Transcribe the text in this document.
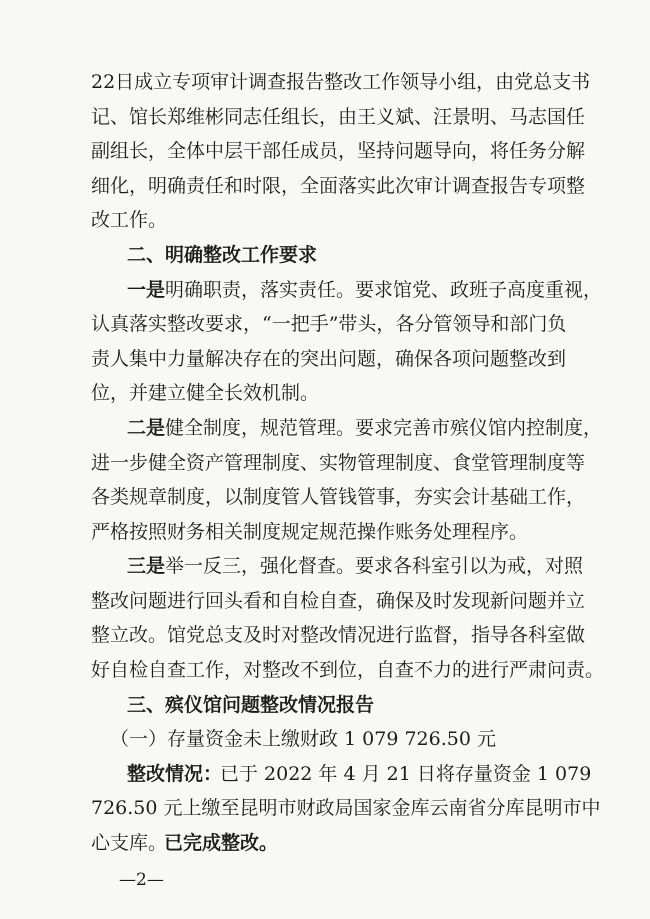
22日成立专项审计调查报告整改工作领导小组，由党总支书
记、馆长郑维彬同志任组长，由王义斌、汪景明、马志国任
副组长，全体中层干部任成员，坚持问题导向，将任务分解
细化，明确责任和时限，全面落实此次审计调查报告专项整
改工作。
二、明确整改工作要求
一是 明确职责，落实责任。要求馆党、政班子高度重视，
认真落实整改要求，“一把手”带头，各分管领导和部门负
责人集中力量解决存在的突出问题，确保各项问题整改到
位，并建立健全长效机制。
二是 健全制度，规范管理。要求完善市殡仪馆内控制度，
进一步健全资产管理制度、实物管理制度、食堂管理制度等
各类规章制度，以制度管人管钱管事，夯实会计基础工作，
严格按照财务相关制度规定规范操作账务处理程序。
三是 举一反三，强化督查。要求各科室引以为戒，对照
整改问题进行回头看和自检自查，确保及时发现新问题并立
整立改。馆党总支及时对整改情况进行监督，指导各科室做
好自检自查工作，对整改不到位，自查不力的进行严肃问责。
三、殡仪馆问题整改情况报告
（一）存量资金未上缴财政 1 079 726.50 元
整改情况：
已于 2022 年 4 月 21 日将存量资金 1 079
726.50 元上缴至昆明市财政局国家金库云南省分库昆明市中
心支库。
已完成整改。
—2—
